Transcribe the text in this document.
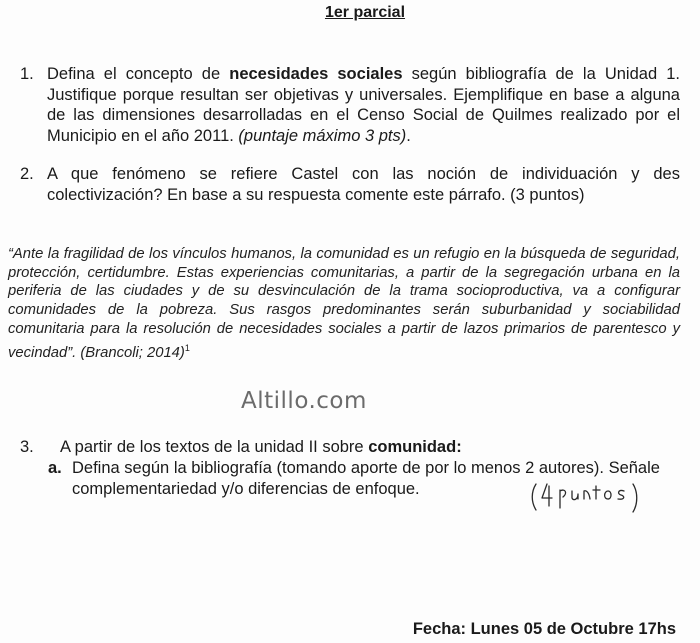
1er parcial
1. Defina el concepto de necesidades sociales según bibliografía de la Unidad 1. Justifique porque resultan ser objetivas y universales. Ejemplifique en base a alguna de las dimensiones desarrolladas en el Censo Social de Quilmes realizado por el Municipio en el año 2011. (puntaje máximo 3 pts).
2. A que fenómeno se refiere Castel con las noción de individuación y des colectivización? En base a su respuesta comente este párrafo. (3 puntos)
“Ante la fragilidad de los vínculos humanos, la comunidad es un refugio en la búsqueda de seguridad, protección, certidumbre. Estas experiencias comunitarias, a partir de la segregación urbana en la periferia de las ciudades y de su desvinculación de la trama socioproductiva, va a configurar comunidades de la pobreza. Sus rasgos predominantes serán suburbanidad y sociabilidad comunitaria para la resolución de necesidades sociales a partir de lazos primarios de parentesco y vecindad”. (Brancoli; 2014)$^1$
Altillo.com
3. A partir de los textos de la unidad II sobre comunidad:
a. Defina según la bibliografía (tomando aporte de por lo menos 2 autores). Señale complementariedad y/o diferencias de enfoque.
Fecha: Lunes 05 de Octubre 17hs
